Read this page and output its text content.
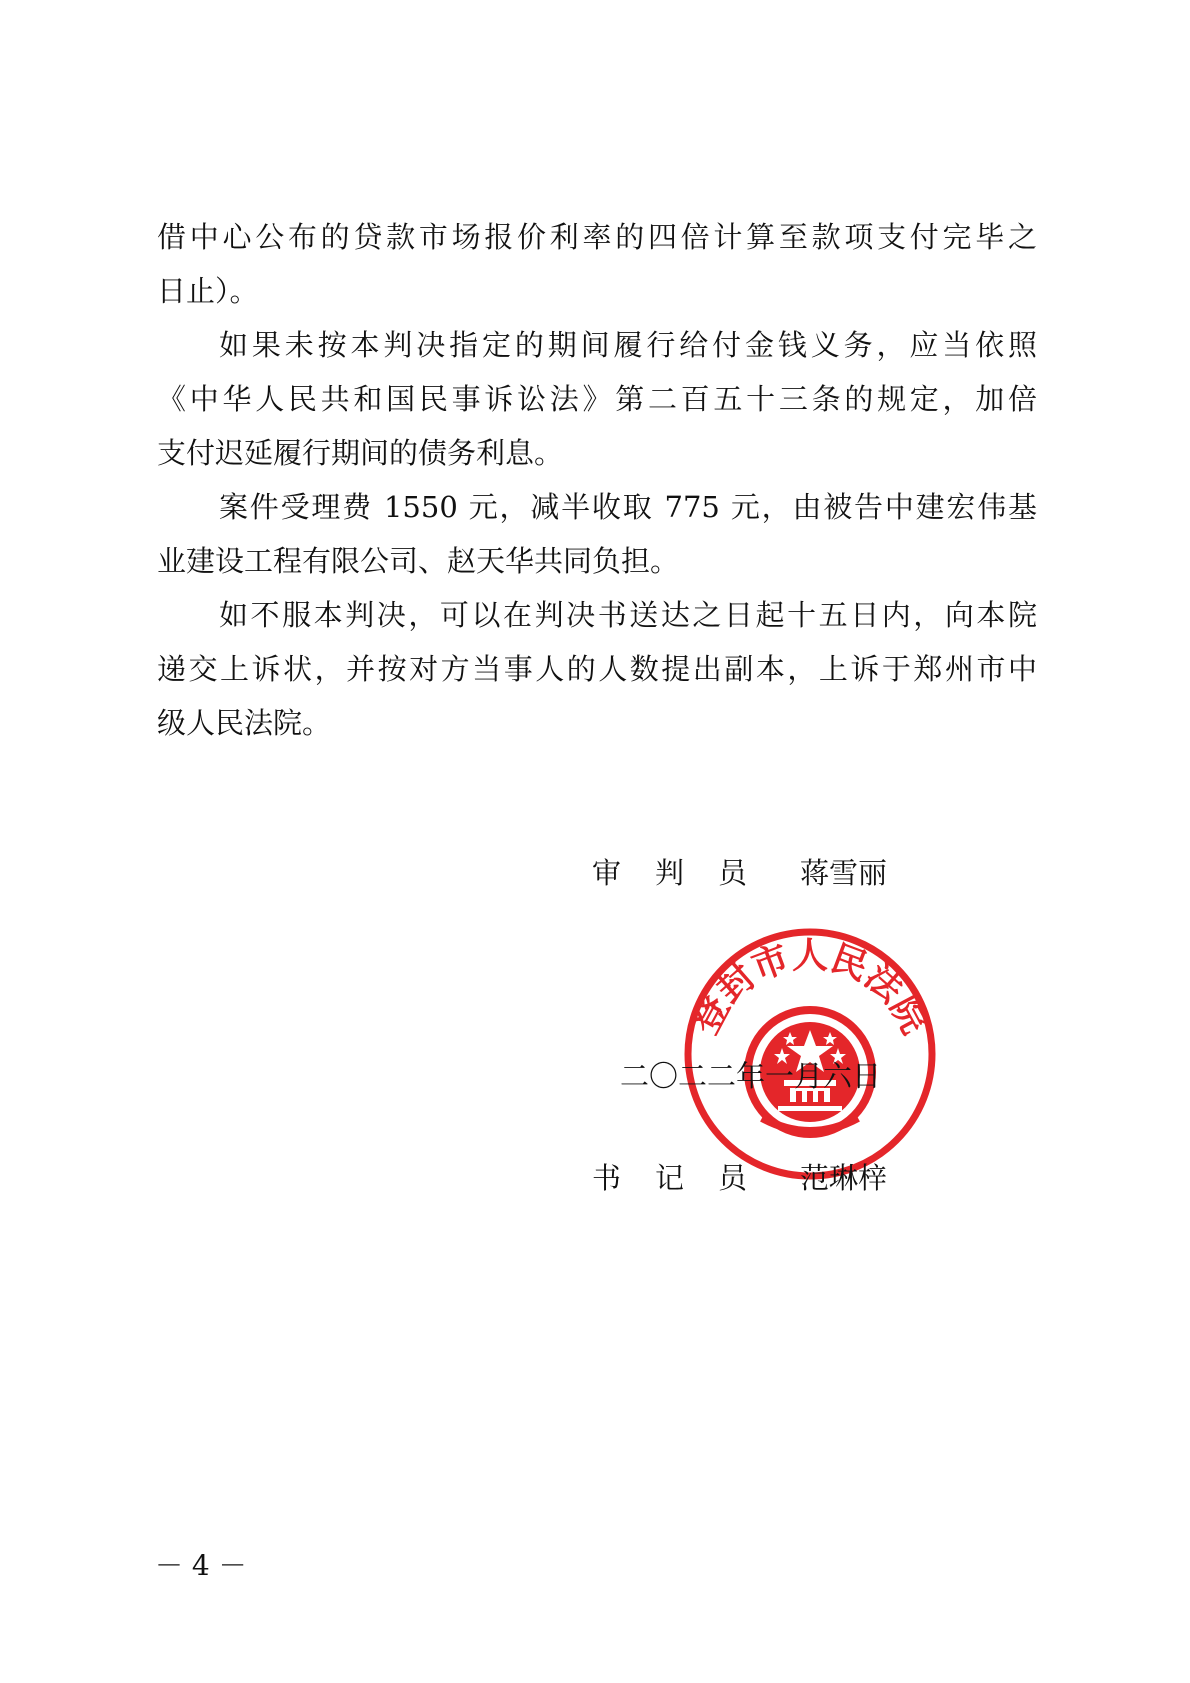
借中心公布的贷款市场报价利率的四倍计算至款项支付完毕之
日止）。
如果未按本判决指定的期间履行给付金钱义务，应当依照
《中华人民共和国民事诉讼法》第二百五十三条的规定，加倍
支付迟延履行期间的债务利息。
案件受理费 1550 元，减半收取 775 元，由被告中建宏伟基
业建设工程有限公司、赵天华共同负担。
如不服本判决，可以在判决书送达之日起十五日内，向本院
递交上诉状，并按对方当事人的人数提出副本，上诉于郑州市中
级人民法院。
登封市人民法院
审判员 蒋雪丽
二〇二二年一月六日
书记员 范琳梓
－ 4 －
